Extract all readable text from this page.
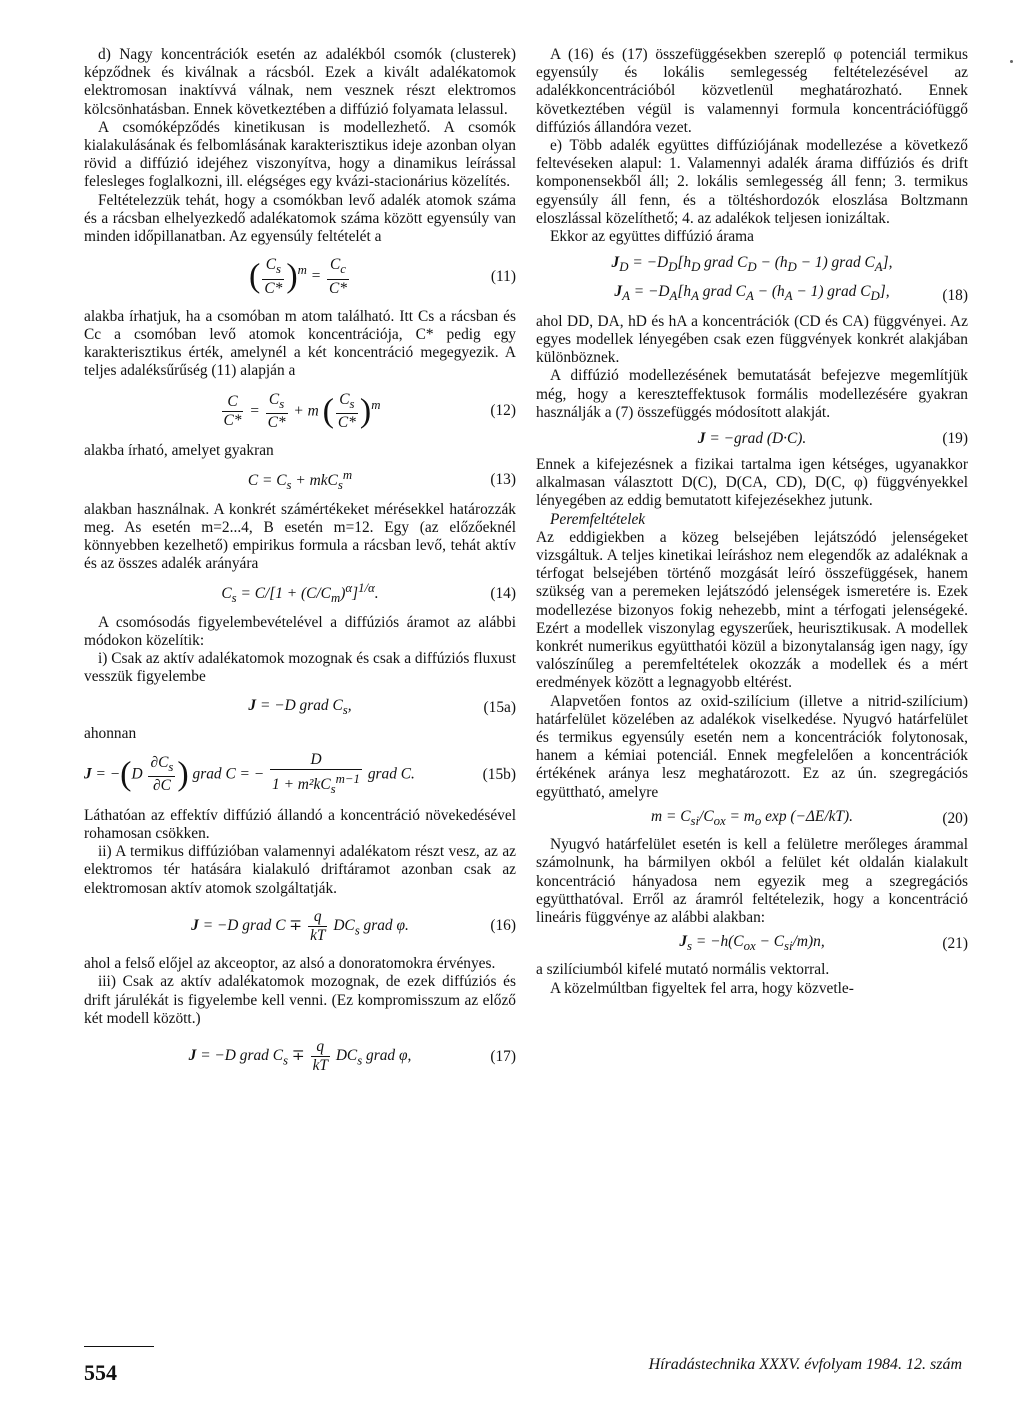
d) Nagy koncentrációk esetén az adalékból csomók (clusterek) képződnek és kiválnak a rácsból. Ezek a kivált adalékatomok elektromosan inaktívvá válnak, nem vesznek részt elektromos kölcsönhatásban. Ennek következtében a diffúzió folyamata lelassul.

A csomóképződés kinetikusan is modellezhető. A csomók kialakulásának és felbomlásának karakterisztikus ideje azonban olyan rövid a diffúzió idejéhez viszonyítva, hogy a dinamikus leírással felesleges foglalkozni, ill. elégséges egy kvázi-stacionárius közelítés.

Feltételezzük tehát, hogy a csomókban levő adalék atomok száma és a rácsban elhelyezkedő adalékatomok száma között egyensúly van minden időpillanatban. Az egyensúly feltételét a

( $\frac{C_s}{C*} )^m = \frac{C_c}{C*}$	(11)

alakba írhatjuk, ha a csomóban m atom található. Itt Cs a rácsban és Cc a csomóban levő atomok koncentrációja, C* pedig egy karakterisztikus érték, amelynél a két koncentráció megegyezik. A teljes adaléksűrűség (11) alapján a

$\frac{C}{C*} = \frac{C_s}{C*} + m$ ( $\frac{C_s}{C*} )^m$	(12)

alakba írható, amelyet gyakran

$C = C_s + mkC_s^m$	(13)

alakban használnak. A konkrét számértékeket mérésekkel határozzák meg. As esetén m=2...4, B esetén m=12. Egy (az előzőeknél könnyebben kezelhető) empirikus formula a rácsban levő, tehát aktív és az összes adalék arányára

$C_s = C/[1 + (C/C_m)^\alpha]^{1/\alpha}$.	(14)

A csomósodás figyelembevételével a diffúziós áramot az alábbi módokon közelítik:

i) Csak az aktív adalékatomok mozognak és csak a diffúziós fluxust vesszük figyelembe

J = −D grad $C_s$,	(15a)

ahonnan

$J = -(D \frac{\partial C_s}{\partial C}$ ) grad C = − $\frac{D}{1 + m^2kC_s^{m-1}}$ grad C.	(15b)

Láthatóan az effektív diffúzió állandó a koncentráció növekedésével rohamosan csökken.

ii) A termikus diffúzióban valamennyi adalékatom részt vesz, az az elektromos tér hatására kialakuló driftáramot azonban csak az elektromosan aktív atomok szolgáltatják.

J = −D grad $C \mp \frac{q}{kT} DC_s$ grad φ.	(16)

ahol a felső előjel az akceoptor, az alsó a donoratomokra érvényes.

iii) Csak az aktív adalékatomok mozognak, de ezek diffúziós és drift járulékát is figyelembe kell venni. (Ez kompromisszum az előző két modell között.)

J = −D grad $C_s \mp \frac{q}{kT} DC_s$ grad φ,	(17)

A (16) és (17) összefüggésekben szereplő φ potenciál termikus egyensúly és lokális semlegesség feltételezésével az adalékkoncentrációból közvetlenül meghatározható. Ennek következtében végül is valamennyi formula koncentrációfüggő diffúziós állandóra vezet.

e) Több adalék együttes diffúziójának modellezése a következő feltevéseken alapul: 1. Valamennyi adalék árama diffúziós és drift komponensekből áll; 2. lokális semlegesség áll fenn; 3. termikus egyensúly áll fenn, és a töltéshordozók eloszlása Boltzmann eloszlással közelíthető; 4. az adalékok teljesen ionizáltak.

Ekkor az együttes diffúzió árama

$J_D = -D_D[h_D$ grad $C_D - (h_D - 1)$ grad $C_A$],
$J_A = -D_A[h_A$ grad $C_A - (h_A - 1)$ grad $C_D$],	(18)

ahol DD, DA, hD és hA a koncentrációk (CD és CA) függvényei. Az egyes modellek lényegében csak ezen függvények konkrét alakjában különböznek.

A diffúzió modellezésének bemutatását befejezve megemlítjük még, hogy a kereszteffektusok formális modellezésére gyakran használják a (7) összefüggés módosított alakját.

J = −grad (D·C).	(19)

Ennek a kifejezésnek a fizikai tartalma igen kétséges, ugyanakkor alkalmasan választott D(C), D(CA, CD), D(C, φ) függvényekkel lényegében az eddig bemutatott kifejezésekhez jutunk.

Peremfeltételek

Az eddigiekben a közeg belsejében lejátszódó jelenségeket vizsgáltuk. A teljes kinetikai leíráshoz nem elegendők az adaléknak a térfogat belsejében történő mozgását leíró összefüggések, hanem szükség van a peremeken lejátszódó jelenségek ismeretére is. Ezek modellezése bizonyos fokig nehezebb, mint a térfogati jelenségeké. Ezért a modellek viszonylag egyszerűek, heurisztikusak. A modellek konkrét numerikus együtthatói közül a bizonytalanság igen nagy, így valószínűleg a peremfeltételek okozzák a modellek és a mért eredmények között a legnagyobb eltérést.

Alapvetően fontos az oxid-szilícium (illetve a nitrid-szilícium) határfelület közelében az adalékok viselkedése. Nyugvó határfelület és termikus egyensúly esetén nem a koncentrációk folytonosak, hanem a kémiai potenciál. Ennek megfelelően a koncentrációk értékének aránya lesz meghatározott. Ez az ún. szegregációs együttható, amelyre

$m = C_{si}/C_{ox} = m_o$ exp (−ΔE/kT).	(20)

Nyugvó határfelület esetén is kell a felületre merőleges árammal számolnunk, ha bármilyen okból a felület két oldalán kialakult koncentráció hányadosa nem egyezik meg a szegregációs együtthatóval. Erről az áramról feltételezik, hogy a koncentráció lineáris függvénye az alábbi alakban:

$J_s = -h(C_{ox} - C_{si}/m)n$,	(21)

a szilíciumból kifelé mutató normális vektorral.

A közelmúltban figyeltek fel arra, hogy közvetle-

554	Híradástechnika XXXV. évfolyam 1984. 12. szám
